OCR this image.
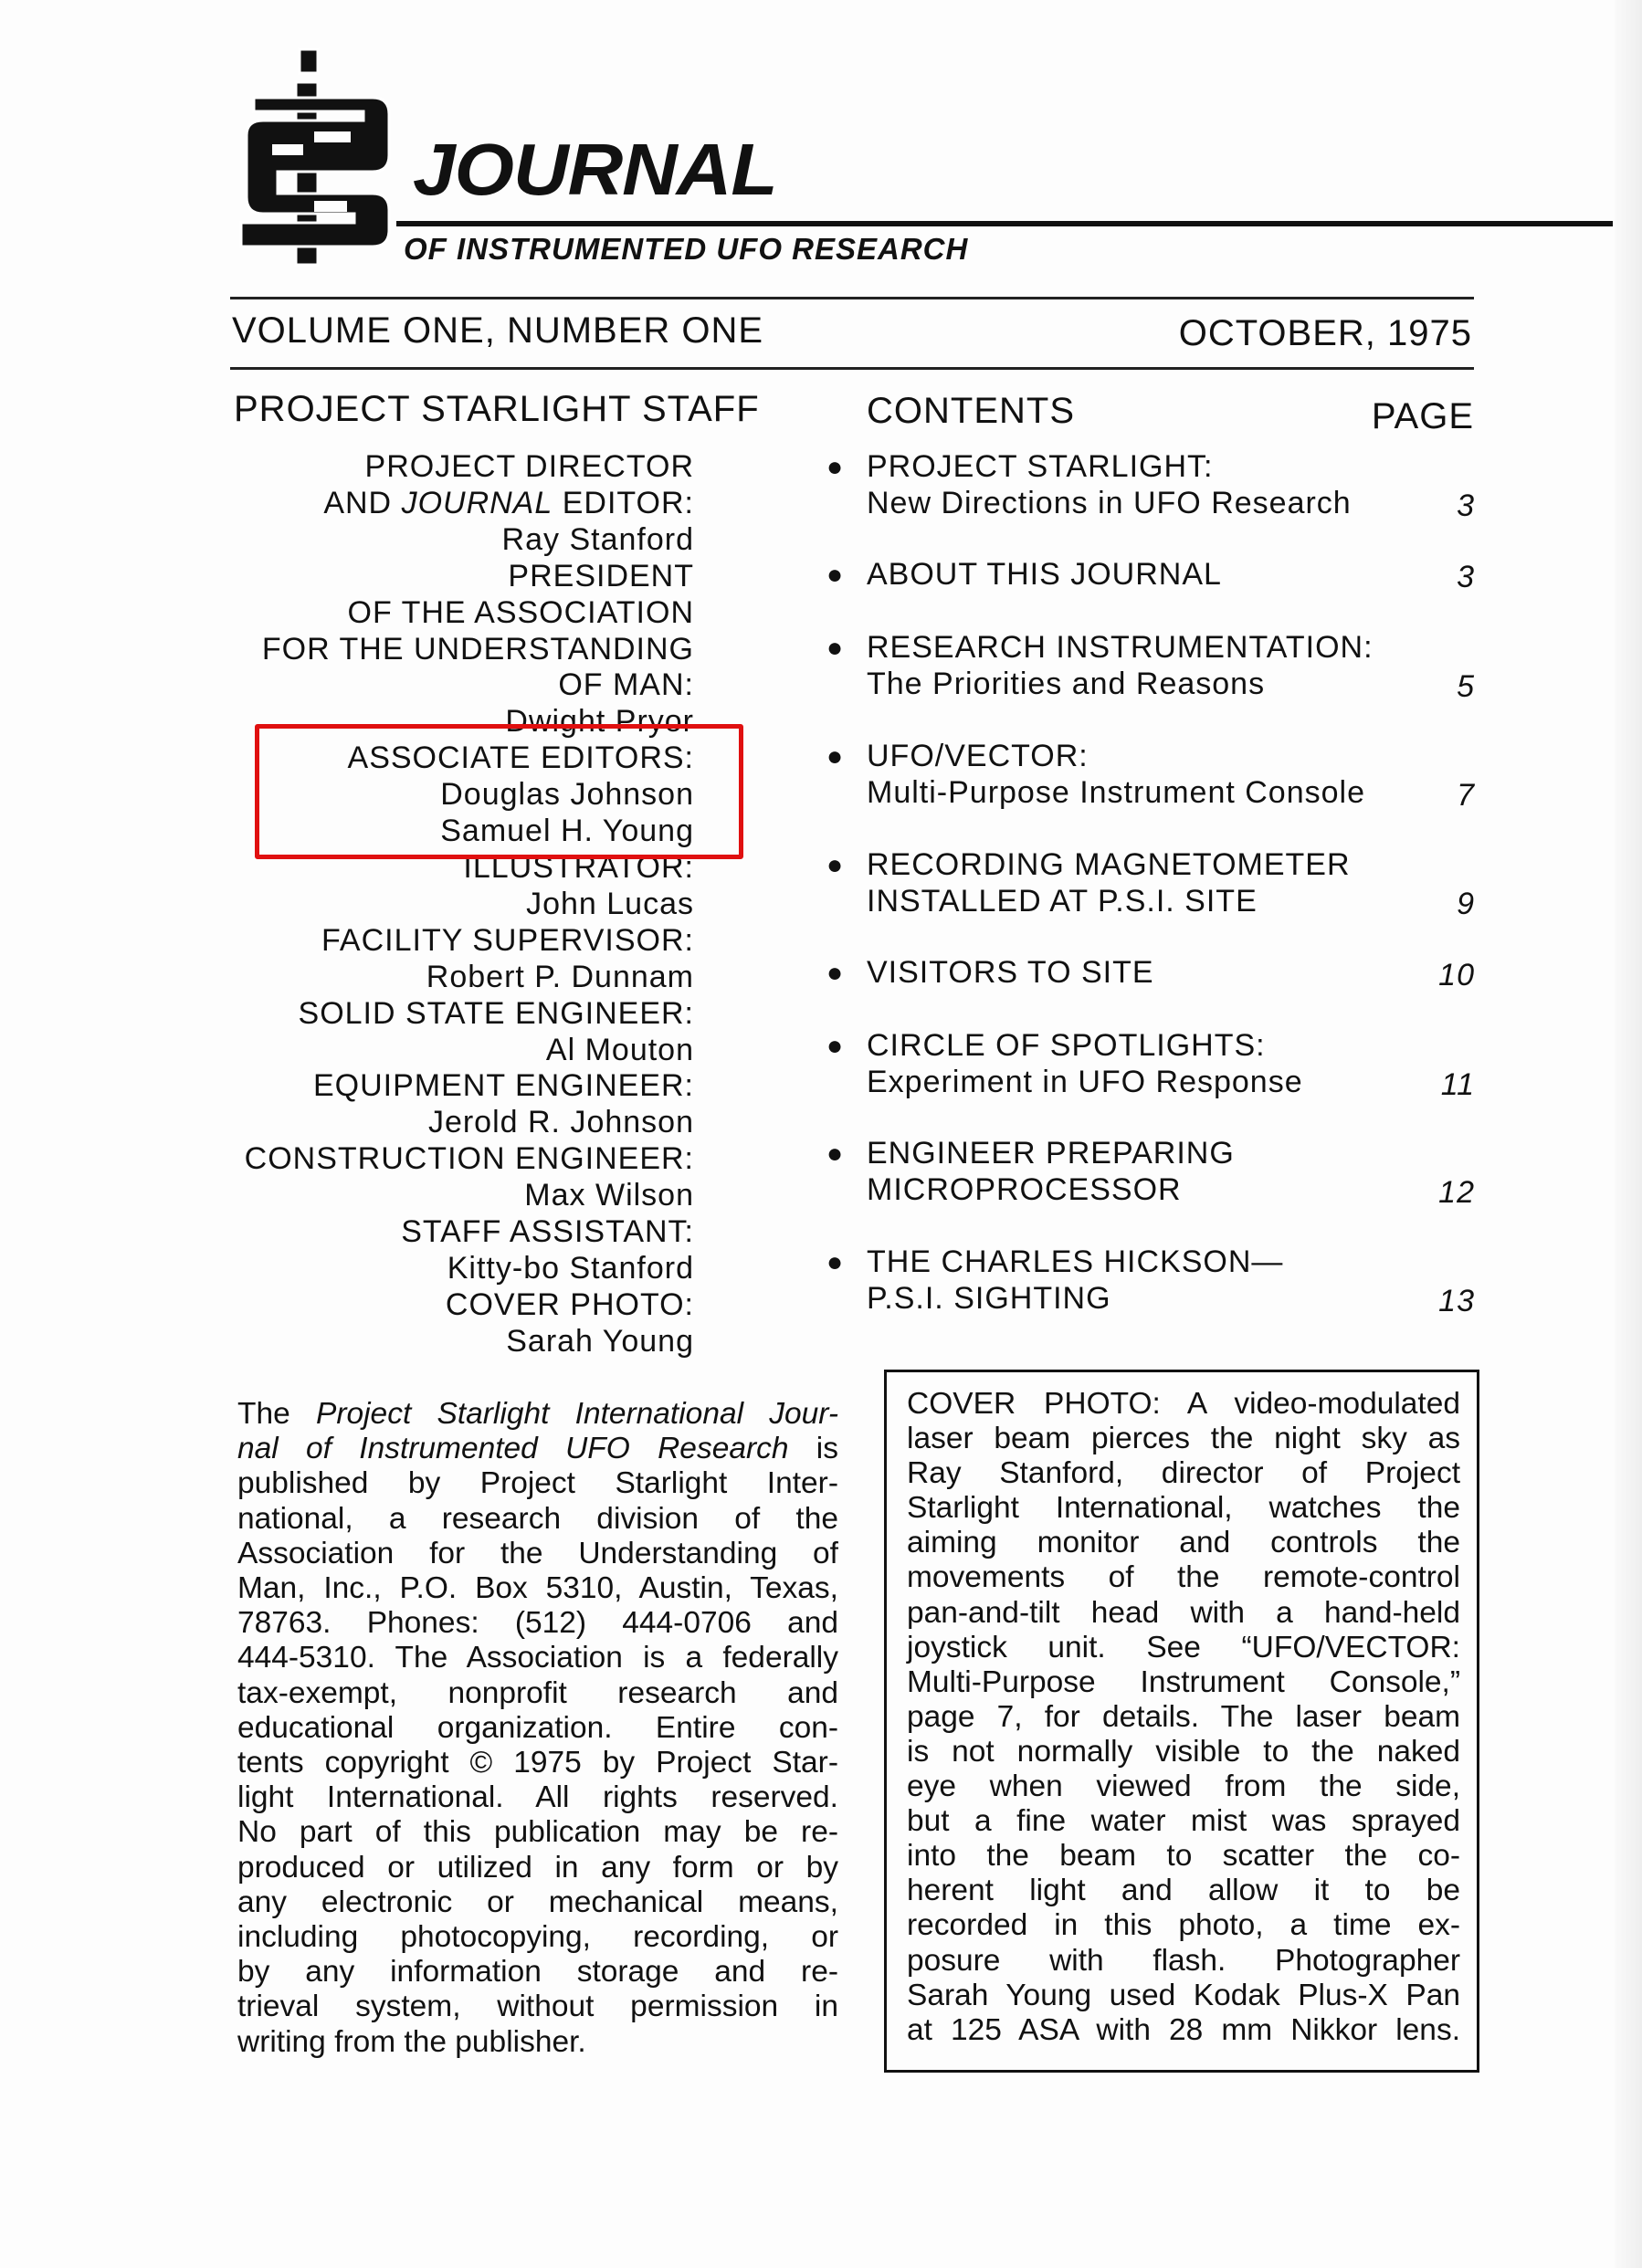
JOURNAL
OF INSTRUMENTED UFO RESEARCH
VOLUME ONE, NUMBER ONE	OCTOBER, 1975
PROJECT STARLIGHT STAFF
PROJECT DIRECTOR
AND JOURNAL EDITOR:
Ray Stanford
PRESIDENT
OF THE ASSOCIATION
FOR THE UNDERSTANDING
OF MAN:
Dwight Pryor
ASSOCIATE EDITORS:
Douglas Johnson
Samuel H. Young
ILLUSTRATOR:
John Lucas
FACILITY SUPERVISOR:
Robert P. Dunnam
SOLID STATE ENGINEER:
Al Mouton
EQUIPMENT ENGINEER:
Jerold R. Johnson
CONSTRUCTION ENGINEER:
Max Wilson
STAFF ASSISTANT:
Kitty-bo Stanford
COVER PHOTO:
Sarah Young
CONTENTS	PAGE
● PROJECT STARLIGHT:
New Directions in UFO Research	3
● ABOUT THIS JOURNAL	3
● RESEARCH INSTRUMENTATION:
The Priorities and Reasons	5
● UFO/VECTOR:
Multi-Purpose Instrument Console	7
● RECORDING MAGNETOMETER
INSTALLED AT P.S.I. SITE	9
● VISITORS TO SITE	10
● CIRCLE OF SPOTLIGHTS:
Experiment in UFO Response	11
● ENGINEER PREPARING
MICROPROCESSOR	12
● THE CHARLES HICKSON—
P.S.I. SIGHTING	13
The Project Starlight International Jour-
nal of Instrumented UFO Research is
published by Project Starlight Inter-
national, a research division of the
Association for the Understanding of
Man, Inc., P.O. Box 5310, Austin, Texas,
78763. Phones: (512) 444-0706 and
444-5310. The Association is a federally
tax-exempt, nonprofit research and
educational organization. Entire con-
tents copyright © 1975 by Project Star-
light International. All rights reserved.
No part of this publication may be re-
produced or utilized in any form or by
any electronic or mechanical means,
including photocopying, recording, or
by any information storage and re-
trieval system, without permission in
writing from the publisher.
COVER PHOTO: A video-modulated
laser beam pierces the night sky as
Ray Stanford, director of Project
Starlight International, watches the
aiming monitor and controls the
movements of the remote-control
pan-and-tilt head with a hand-held
joystick unit. See “UFO/VECTOR:
Multi-Purpose Instrument Console,”
page 7, for details. The laser beam
is not normally visible to the naked
eye when viewed from the side,
but a fine water mist was sprayed
into the beam to scatter the co-
herent light and allow it to be
recorded in this photo, a time ex-
posure with flash. Photographer
Sarah Young used Kodak Plus-X Pan
at 125 ASA with 28 mm Nikkor lens.
